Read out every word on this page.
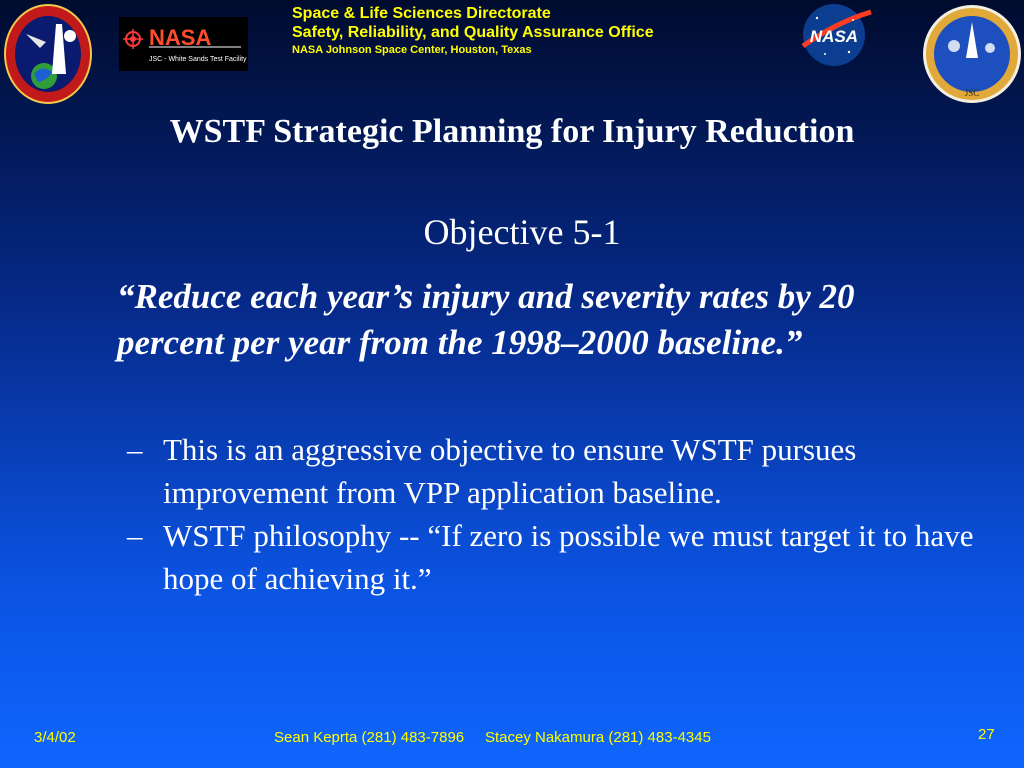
NASA
JSC - White Sands Test Facility
Space & Life Sciences Directorate
Safety, Reliability, and Quality Assurance Office
NASA Johnson Space Center, Houston, Texas
NASA
JSC
WSTF Strategic Planning for Injury Reduction
Objective 5-1
“Reduce each year’s injury and severity rates by 20 percent per year from the 1998–2000 baseline.”
– This is an aggressive objective to ensure WSTF pursues improvement from VPP application baseline.
– WSTF philosophy -- “If zero is possible we must target it to have hope of achieving it.”
3/4/02	Sean Keprta (281) 483-7896     Stacey Nakamura (281) 483-4345	27
